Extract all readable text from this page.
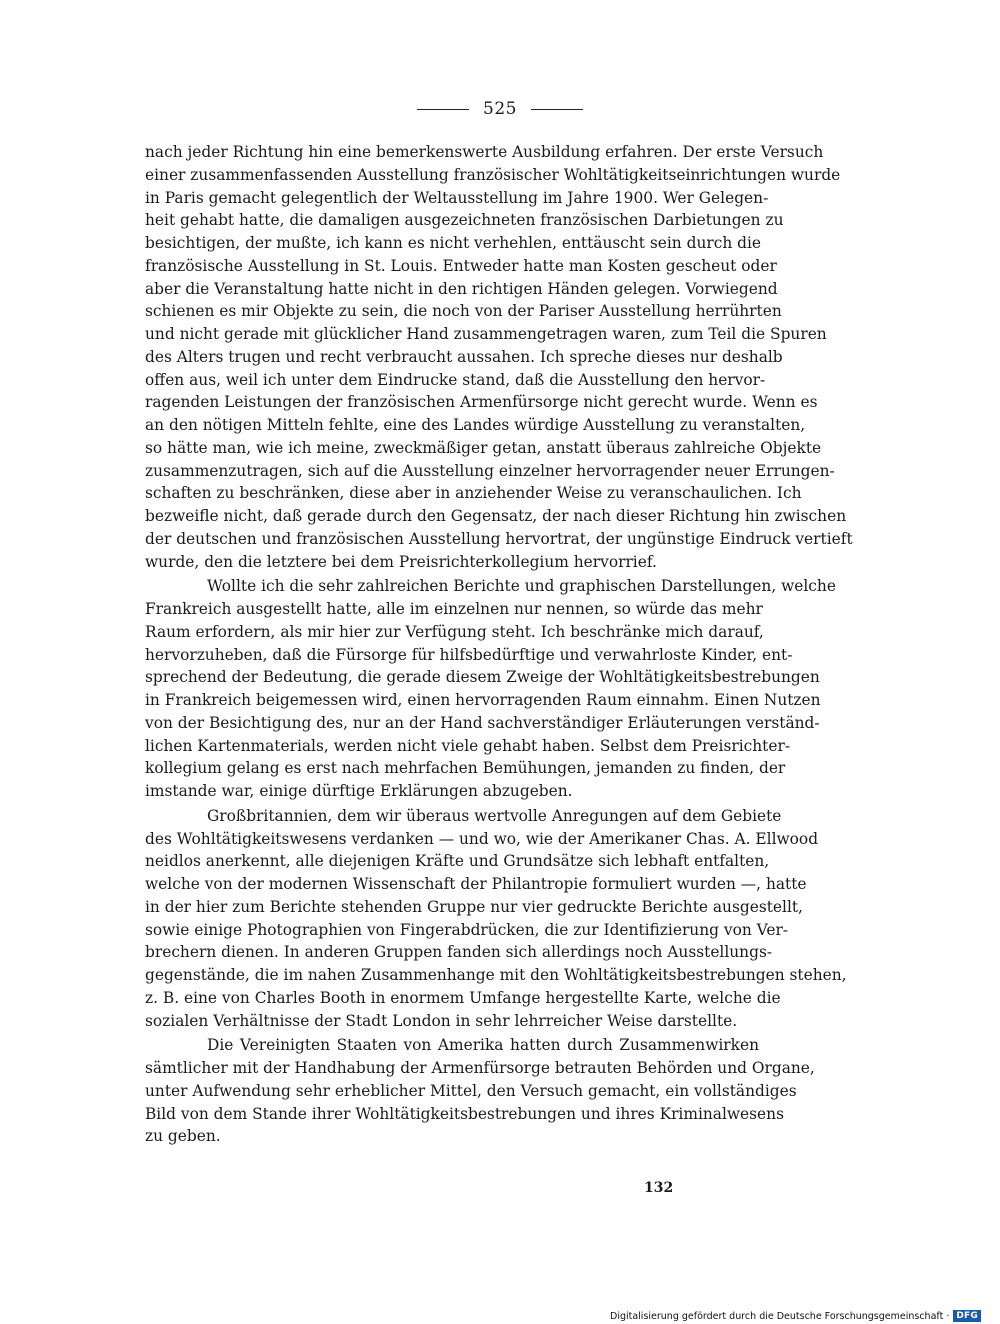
525
nach jeder Richtung hin eine bemerkenswerte Ausbildung erfahren. Der erste Versuch
einer zusammenfassenden Ausstellung französischer Wohltätigkeitseinrichtungen wurde
in Paris gemacht gelegentlich der Weltausstellung im Jahre 1900. Wer Gelegen-
heit gehabt hatte, die damaligen ausgezeichneten französischen Darbietungen zu
besichtigen, der mußte, ich kann es nicht verhehlen, enttäuscht sein durch die
französische Ausstellung in St. Louis. Entweder hatte man Kosten gescheut oder
aber die Veranstaltung hatte nicht in den richtigen Händen gelegen. Vorwiegend
schienen es mir Objekte zu sein, die noch von der Pariser Ausstellung herrührten
und nicht gerade mit glücklicher Hand zusammengetragen waren, zum Teil die Spuren
des Alters trugen und recht verbraucht aussahen. Ich spreche dieses nur deshalb
offen aus, weil ich unter dem Eindrucke stand, daß die Ausstellung den hervor-
ragenden Leistungen der französischen Armenfürsorge nicht gerecht wurde. Wenn es
an den nötigen Mitteln fehlte, eine des Landes würdige Ausstellung zu veranstalten,
so hätte man, wie ich meine, zweckmäßiger getan, anstatt überaus zahlreiche Objekte
zusammenzutragen, sich auf die Ausstellung einzelner hervorragender neuer Errungen-
schaften zu beschränken, diese aber in anziehender Weise zu veranschaulichen. Ich
bezweifle nicht, daß gerade durch den Gegensatz, der nach dieser Richtung hin zwischen
der deutschen und französischen Ausstellung hervortrat, der ungünstige Eindruck vertieft
wurde, den die letztere bei dem Preisrichterkollegium hervorrief.
Wollte ich die sehr zahlreichen Berichte und graphischen Darstellungen, welche
Frankreich ausgestellt hatte, alle im einzelnen nur nennen, so würde das mehr
Raum erfordern, als mir hier zur Verfügung steht. Ich beschränke mich darauf,
hervorzuheben, daß die Fürsorge für hilfsbedürftige und verwahrloste Kinder, ent-
sprechend der Bedeutung, die gerade diesem Zweige der Wohltätigkeitsbestrebungen
in Frankreich beigemessen wird, einen hervorragenden Raum einnahm. Einen Nutzen
von der Besichtigung des, nur an der Hand sachverständiger Erläuterungen verständ-
lichen Kartenmaterials, werden nicht viele gehabt haben. Selbst dem Preisrichter-
kollegium gelang es erst nach mehrfachen Bemühungen, jemanden zu finden, der
imstande war, einige dürftige Erklärungen abzugeben.
Großbritannien, dem wir überaus wertvolle Anregungen auf dem Gebiete
des Wohltätigkeitswesens verdanken — und wo, wie der Amerikaner Chas. A. Ellwood
neidlos anerkennt, alle diejenigen Kräfte und Grundsätze sich lebhaft entfalten,
welche von der modernen Wissenschaft der Philantropie formuliert wurden —, hatte
in der hier zum Berichte stehenden Gruppe nur vier gedruckte Berichte ausgestellt,
sowie einige Photographien von Fingerabdrücken, die zur Identifizierung von Ver-
brechern dienen. In anderen Gruppen fanden sich allerdings noch Ausstellungs-
gegenstände, die im nahen Zusammenhange mit den Wohltätigkeitsbestrebungen stehen,
z. B. eine von Charles Booth in enormem Umfange hergestellte Karte, welche die
sozialen Verhältnisse der Stadt London in sehr lehrreicher Weise darstellte.
Die Vereinigten Staaten von Amerika hatten durch Zusammenwirken
sämtlicher mit der Handhabung der Armenfürsorge betrauten Behörden und Organe,
unter Aufwendung sehr erheblicher Mittel, den Versuch gemacht, ein vollständiges
Bild von dem Stande ihrer Wohltätigkeitsbestrebungen und ihres Kriminalwesens
zu geben.
132
Digitalisierung gefördert durch die Deutsche Forschungsgemeinschaft · DFG
